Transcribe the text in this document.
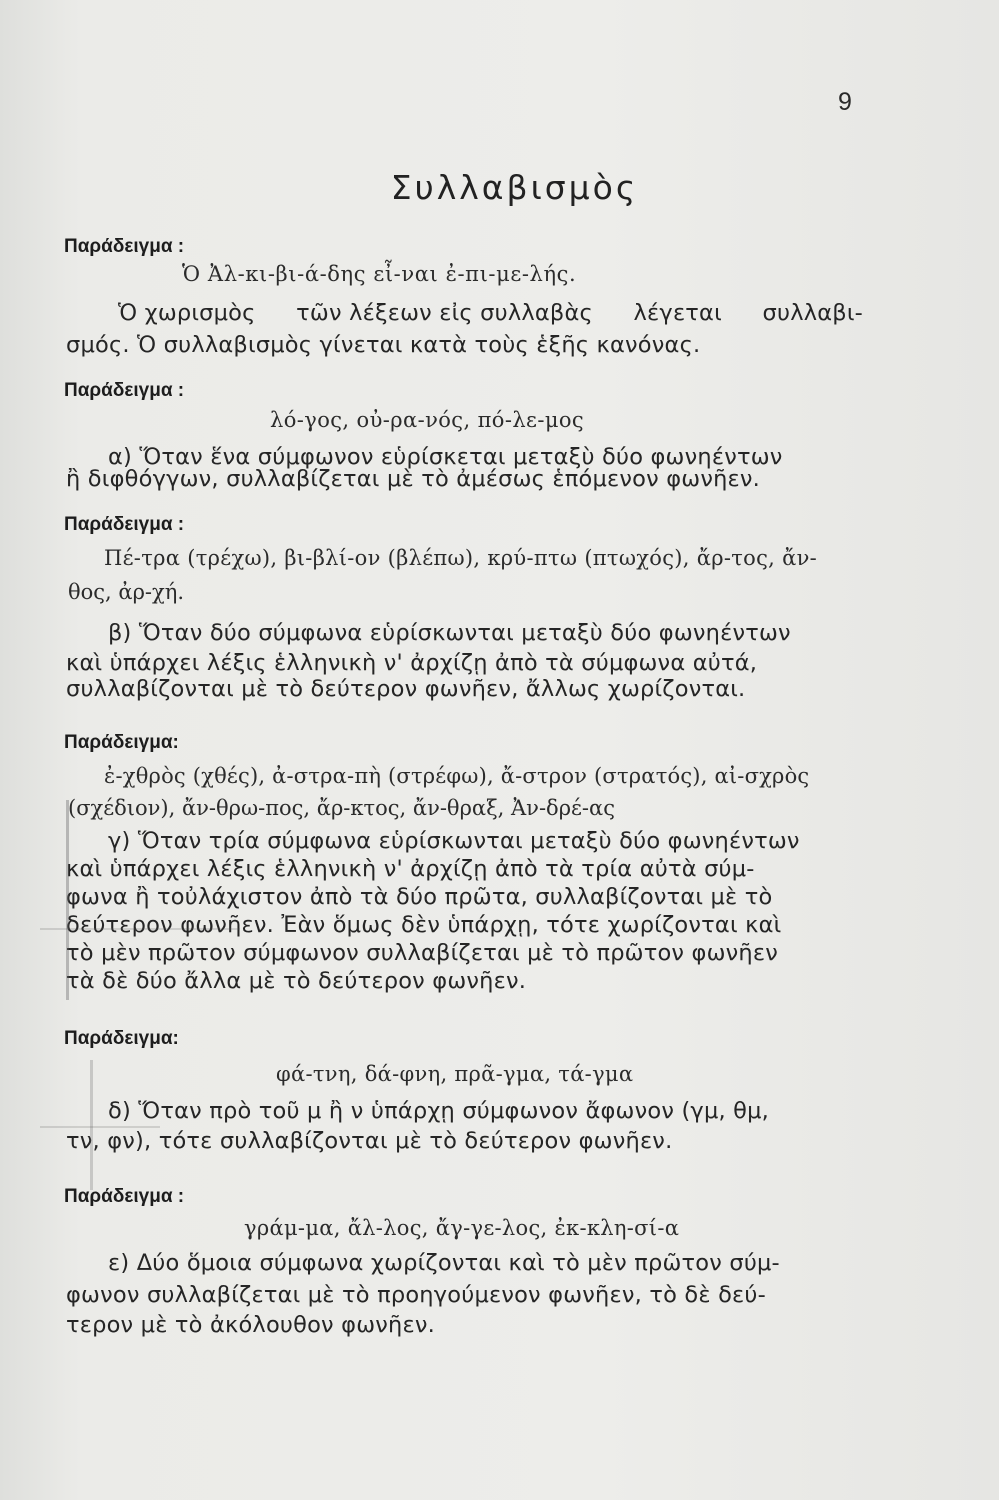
9
Συλλαβισμὸς
Παράδειγμα :
Ὁ Ἀλ-κι-βι-ά-δης εἶ-ναι ἐ-πι-με-λής.
Ὁ χωρισμὸς τῶν λέξεων εἰς συλλαβὰς λέγεται συλλαβι-
σμός. Ὁ συλλαβισμὸς γίνεται κατὰ τοὺς ἑξῆς κανόνας.
Παράδειγμα :
λό-γος, οὐ-ρα-νός, πό-λε-μος
α) Ὅταν ἕνα σύμφωνον εὑρίσκεται μεταξὺ δύο φωνηέντων
ἢ διφθόγγων, συλλαβίζεται μὲ τὸ ἀμέσως ἑπόμενον φωνῆεν.
Παράδειγμα :
Πέ-τρα (τρέχω), βι-βλί-ον (βλέπω), κρύ-πτω (πτωχός), ἄρ-τος, ἄν-
θος, ἀρ-χή.
β) Ὅταν δύο σύμφωνα εὑρίσκωνται μεταξὺ δύο φωνηέντων
καὶ ὑπάρχει λέξις ἑλληνικὴ ν' ἀρχίζῃ ἀπὸ τὰ σύμφωνα αὐτά,
συλλαβίζονται μὲ τὸ δεύτερον φωνῆεν, ἄλλως χωρίζονται.
Παράδειγμα:
ἐ-χθρὸς (χθές), ἀ-στρα-πὴ (στρέφω), ἄ-στρον (στρατός), αἰ-σχρὸς
(σχέδιον), ἄν-θρω-πος, ἄρ-κτος, ἄν-θραξ, Ἀν-δρέ-ας
γ) Ὅταν τρία σύμφωνα εὑρίσκωνται μεταξὺ δύο φωνηέντων
καὶ ὑπάρχει λέξις ἑλληνικὴ ν' ἀρχίζῃ ἀπὸ τὰ τρία αὐτὰ σύμ-
φωνα ἢ τοὐλάχιστον ἀπὸ τὰ δύο πρῶτα, συλλαβίζονται μὲ τὸ
δεύτερον φωνῆεν. Ἐὰν ὅμως δὲν ὑπάρχῃ, τότε χωρίζονται καὶ
τὸ μὲν πρῶτον σύμφωνον συλλαβίζεται μὲ τὸ πρῶτον φωνῆεν
τὰ δὲ δύο ἄλλα μὲ τὸ δεύτερον φωνῆεν.
Παράδειγμα:
φά-τνη, δά-φνη, πρᾶ-γμα, τά-γμα
δ) Ὅταν πρὸ τοῦ μ ἢ ν ὑπάρχῃ σύμφωνον ἄφωνον (γμ, θμ,
τν, φν), τότε συλλαβίζονται μὲ τὸ δεύτερον φωνῆεν.
Παράδειγμα :
γράμ-μα, ἄλ-λος, ἄγ-γε-λος, ἐκ-κλη-σί-α
ε) Δύο ὅμοια σύμφωνα χωρίζονται καὶ τὸ μὲν πρῶτον σύμ-
φωνον συλλαβίζεται μὲ τὸ προηγούμενον φωνῆεν, τὸ δὲ δεύ-
τερον μὲ τὸ ἀκόλουθον φωνῆεν.
